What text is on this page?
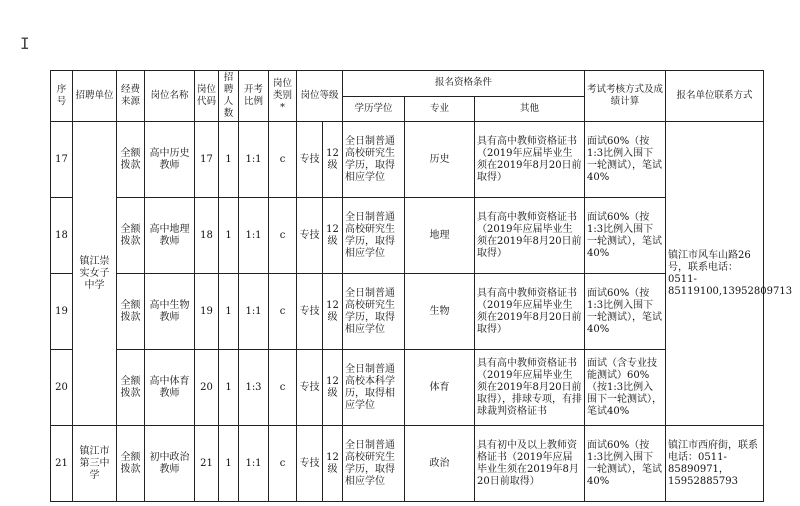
I
序号	招聘单位	经费来源	岗位名称	岗位代码	招聘人数	开考比例	岗位类别*	岗位等级		报名资格条件			考试考核方式及成绩计算	报名单位联系方式
										学历学位	专业	其他		
17	镇江崇实女子中学	全额拨款	高中历史教师	17	1	1:1	c	专技	12级	全日制普通高校研究生学历，取得相应学位	历史	具有高中教师资格证书（2019年应届毕业生须在2019年8月20日前取得）	面试60%（按1:3比例入围下一轮测试），笔试40%	镇江市风车山路26号，联系电话：0511-85119100,13952809713
18		全额拨款	高中地理教师	18	1	1:1	c	专技	12级	全日制普通高校研究生学历，取得相应学位	地理	具有高中教师资格证书（2019年应届毕业生须在2019年8月20日前取得）	面试60%（按1:3比例入围下一轮测试），笔试40%	
19		全额拨款	高中生物教师	19	1	1:1	c	专技	12级	全日制普通高校研究生学历，取得相应学位	生物	具有高中教师资格证书（2019年应届毕业生须在2019年8月20日前取得）	面试60%（按1:3比例入围下一轮测试），笔试40%	
20		全额拨款	高中体育教师	20	1	1:3	c	专技	12级	全日制普通高校本科学历，取得相应学位	体育	具有高中教师资格证书（2019年应届毕业生须在2019年8月20日前取得），排球专项，有排球裁判资格证书	面试（含专业技能测试）60%（按1:3比例入围下一轮测试），笔试40%	
21	镇江市第三中学	全额拨款	初中政治教师	21	1	1:1	c	专技	12级	全日制普通高校研究生学历，取得相应学位	政治	具有初中及以上教师资格证书（2019年应届毕业生须在2019年8月20日前取得）	面试60%（按1:3比例入围下一轮测试），笔试40%	镇江市西府街，联系电话：0511-85890971，15952885793
